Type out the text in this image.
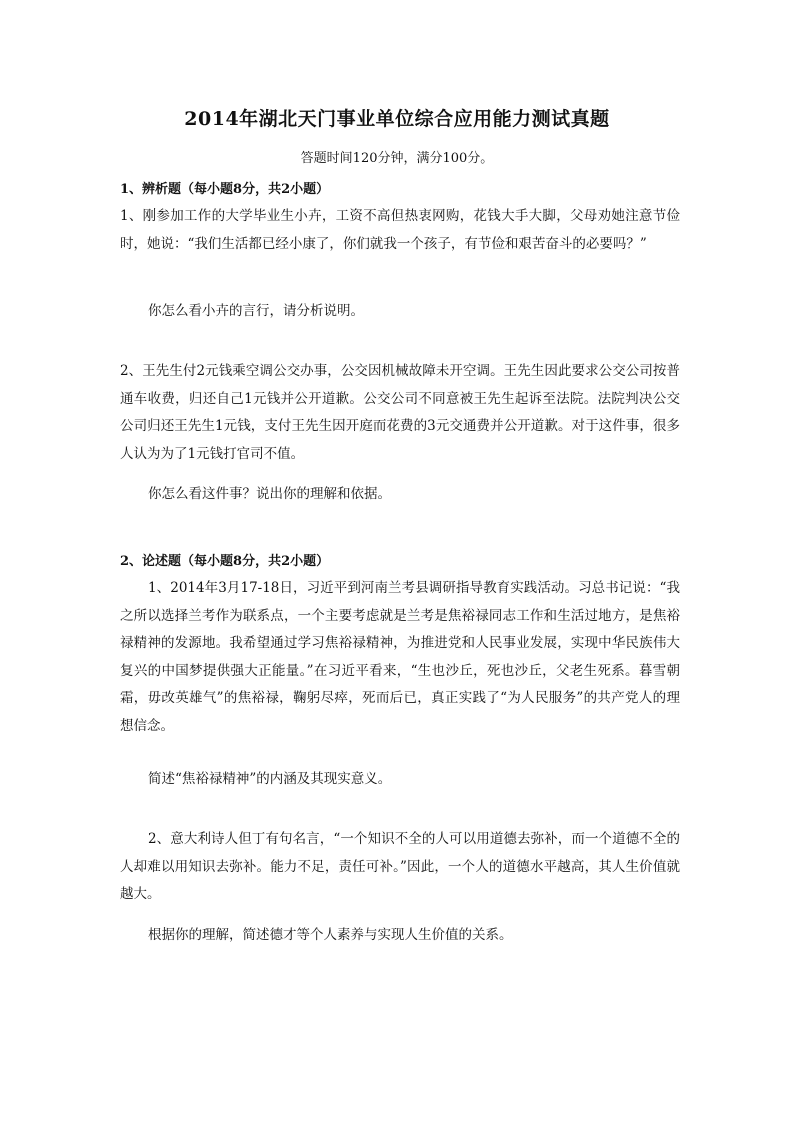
2014年湖北天门事业单位综合应用能力测试真题
答题时间120分钟，满分100分。
1、辨析题（每小题8分，共2小题）
1、刚参加工作的大学毕业生小卉，工资不高但热衷网购，花钱大手大脚，父母劝她注意节俭时，她说：“我们生活都已经小康了，你们就我一个孩子，有节俭和艰苦奋斗的必要吗？”
你怎么看小卉的言行，请分析说明。
2、王先生付2元钱乘空调公交办事，公交因机械故障未开空调。王先生因此要求公交公司按普通车收费，归还自己1元钱并公开道歉。公交公司不同意被王先生起诉至法院。法院判决公交公司归还王先生1元钱，支付王先生因开庭而花费的3元交通费并公开道歉。对于这件事，很多人认为为了1元钱打官司不值。
你怎么看这件事？说出你的理解和依据。
2、论述题（每小题8分，共2小题）
1、2014年3月17-18日，习近平到河南兰考县调研指导教育实践活动。习总书记说：“我之所以选择兰考作为联系点，一个主要考虑就是兰考是焦裕禄同志工作和生活过地方，是焦裕禄精神的发源地。我希望通过学习焦裕禄精神，为推进党和人民事业发展，实现中华民族伟大复兴的中国梦提供强大正能量。”在习近平看来，“生也沙丘，死也沙丘，父老生死系。暮雪朝霜，毋改英雄气”的焦裕禄，鞠躬尽瘁，死而后已，真正实践了“为人民服务”的共产党人的理想信念。
简述“焦裕禄精神”的内涵及其现实意义。
2、意大利诗人但丁有句名言，“一个知识不全的人可以用道德去弥补，而一个道德不全的人却难以用知识去弥补。能力不足，责任可补。”因此，一个人的道德水平越高，其人生价值就越大。
根据你的理解，简述德才等个人素养与实现人生价值的关系。
